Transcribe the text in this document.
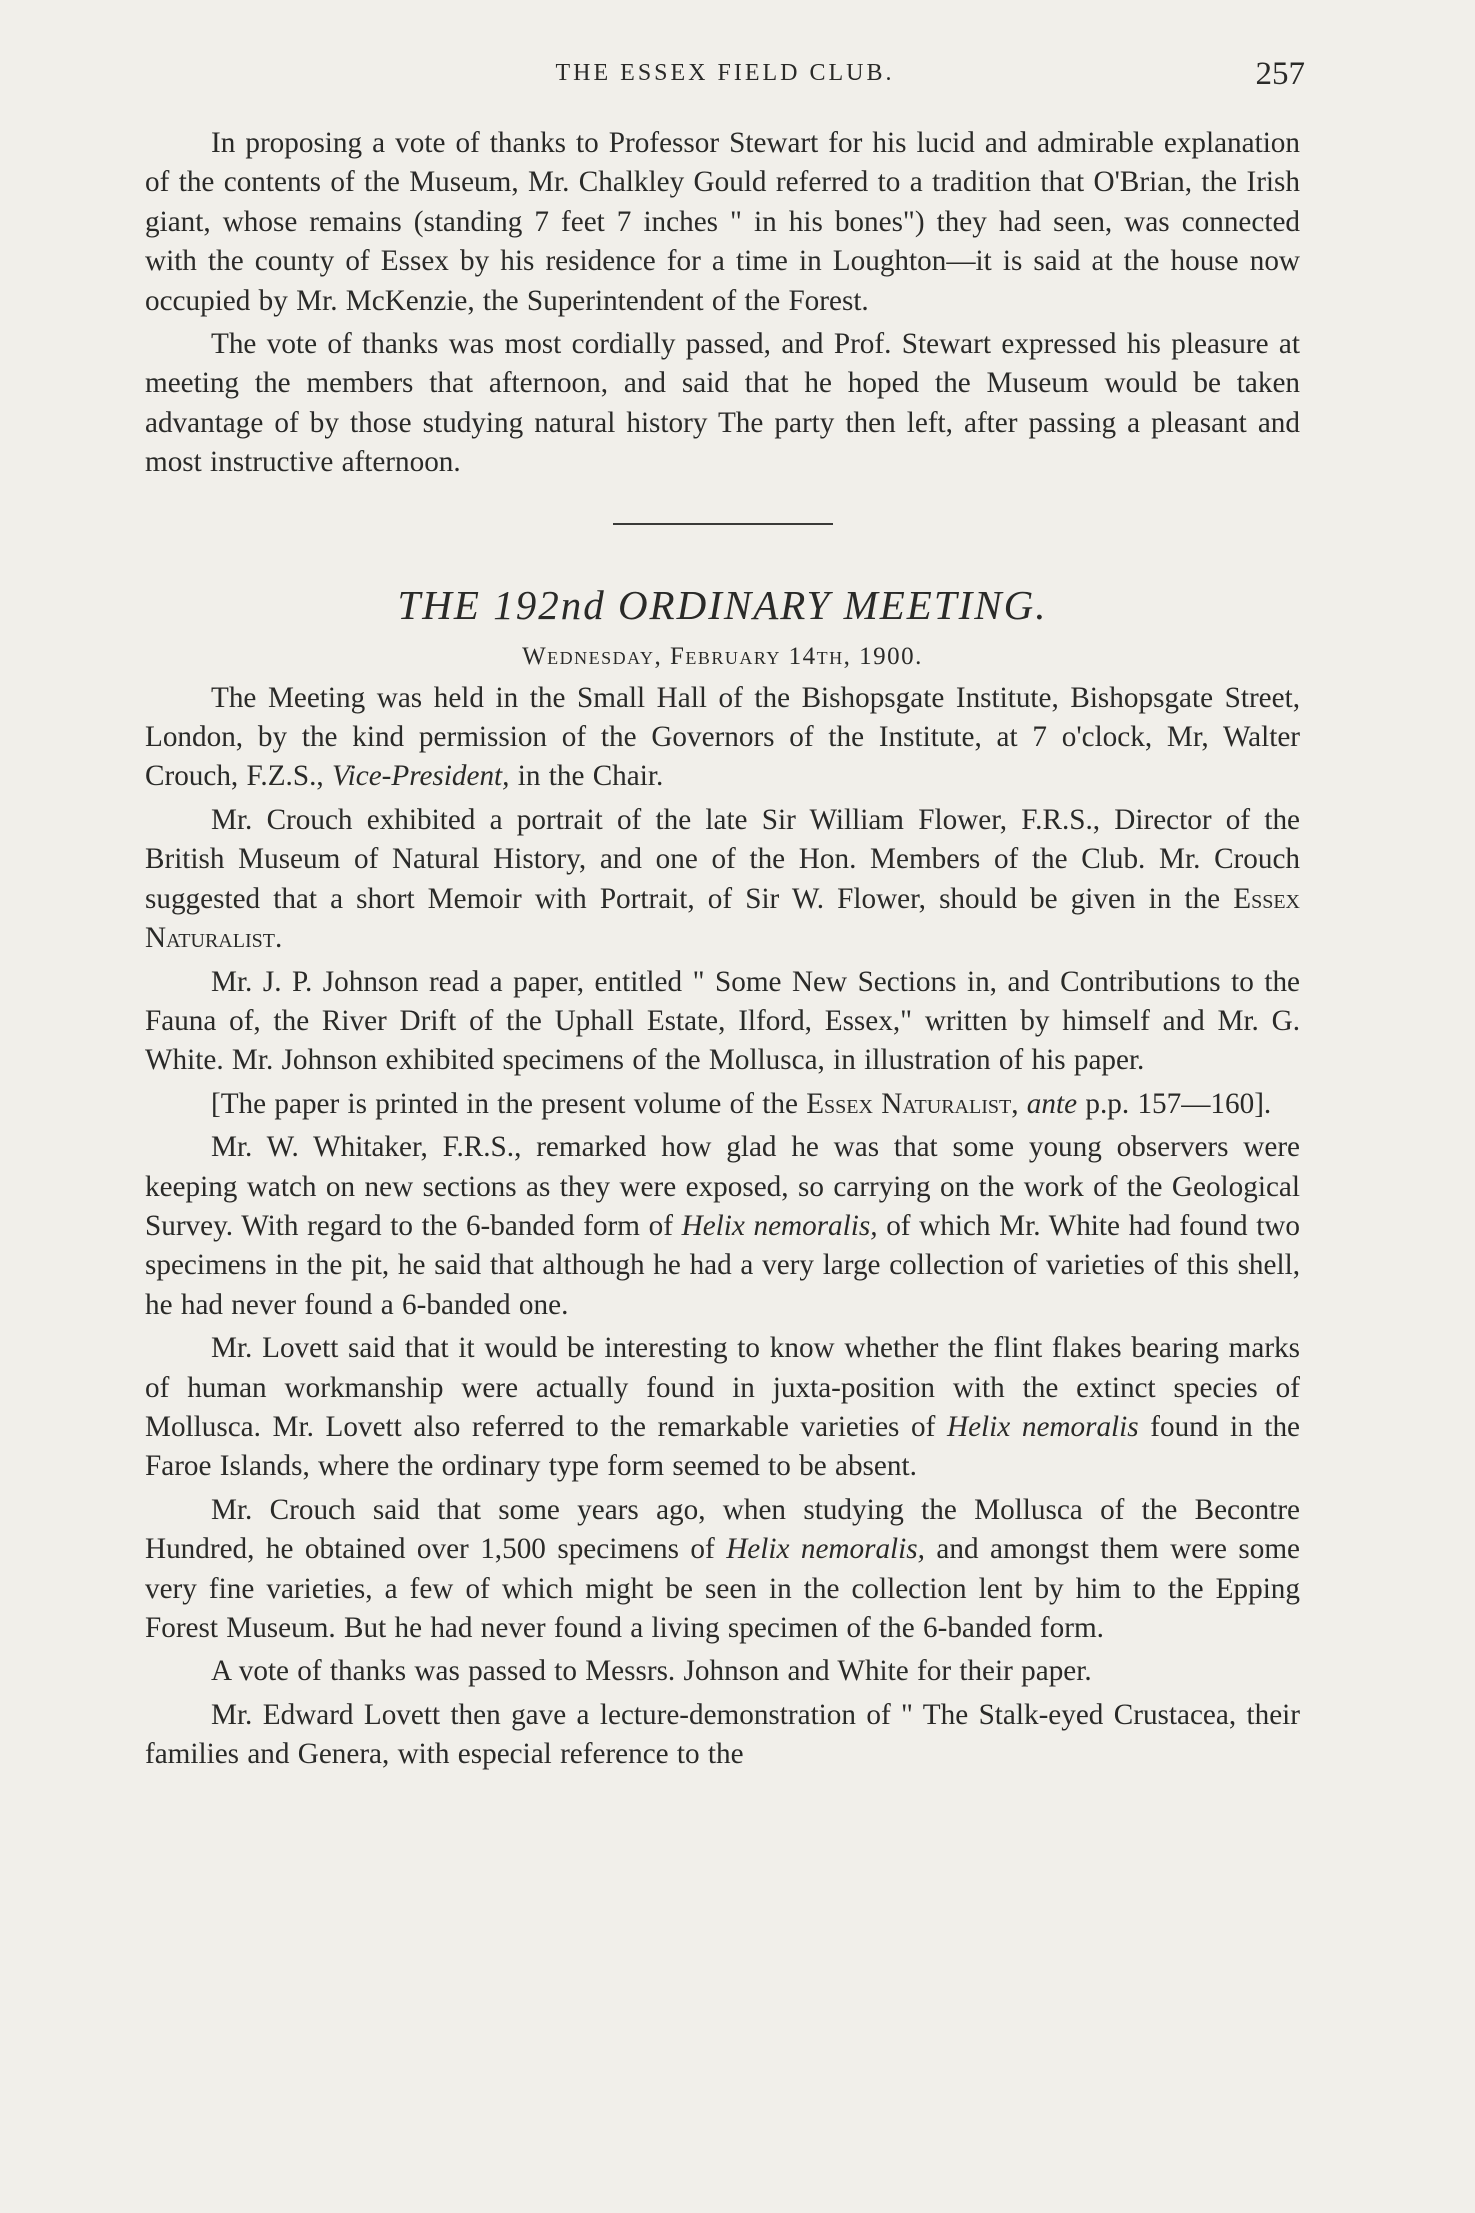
THE ESSEX FIELD CLUB.	257

In proposing a vote of thanks to Professor Stewart for his lucid and admirable explanation of the contents of the Museum, Mr. Chalkley Gould referred to a tradition that O'Brian, the Irish giant, whose remains (standing 7 feet 7 inches " in his bones") they had seen, was connected with the county of Essex by his residence for a time in Loughton—it is said at the house now occupied by Mr. McKenzie, the Superintendent of the Forest.

The vote of thanks was most cordially passed, and Prof. Stewart expressed his pleasure at meeting the members that afternoon, and said that he hoped the Museum would be taken advantage of by those studying natural history The party then left, after passing a pleasant and most instructive afternoon.

THE 192nd ORDINARY MEETING.
Wednesday, February 14th, 1900.

The Meeting was held in the Small Hall of the Bishopsgate Institute, Bishopsgate Street, London, by the kind permission of the Governors of the Institute, at 7 o'clock, Mr, Walter Crouch, F.Z.S., Vice-President, in the Chair.

Mr. Crouch exhibited a portrait of the late Sir William Flower, F.R.S., Director of the British Museum of Natural History, and one of the Hon. Members of the Club. Mr. Crouch suggested that a short Memoir with Portrait, of Sir W. Flower, should be given in the Essex Naturalist.

Mr. J. P. Johnson read a paper, entitled " Some New Sections in, and Contributions to the Fauna of, the River Drift of the Uphall Estate, Ilford, Essex," written by himself and Mr. G. White. Mr. Johnson exhibited specimens of the Mollusca, in illustration of his paper.

[The paper is printed in the present volume of the Essex Naturalist, ante p.p. 157—160].

Mr. W. Whitaker, F.R.S., remarked how glad he was that some young observers were keeping watch on new sections as they were exposed, so carrying on the work of the Geological Survey. With regard to the 6-banded form of Helix nemoralis, of which Mr. White had found two specimens in the pit, he said that although he had a very large collection of varieties of this shell, he had never found a 6-banded one.

Mr. Lovett said that it would be interesting to know whether the flint flakes bearing marks of human workmanship were actually found in juxta-position with the extinct species of Mollusca. Mr. Lovett also referred to the remarkable varieties of Helix nemoralis found in the Faroe Islands, where the ordinary type form seemed to be absent.

Mr. Crouch said that some years ago, when studying the Mollusca of the Becontre Hundred, he obtained over 1,500 specimens of Helix nemoralis, and amongst them were some very fine varieties, a few of which might be seen in the collection lent by him to the Epping Forest Museum. But he had never found a living specimen of the 6-banded form.

A vote of thanks was passed to Messrs. Johnson and White for their paper.

Mr. Edward Lovett then gave a lecture-demonstration of " The Stalk-eyed Crustacea, their families and Genera, with especial reference to the
